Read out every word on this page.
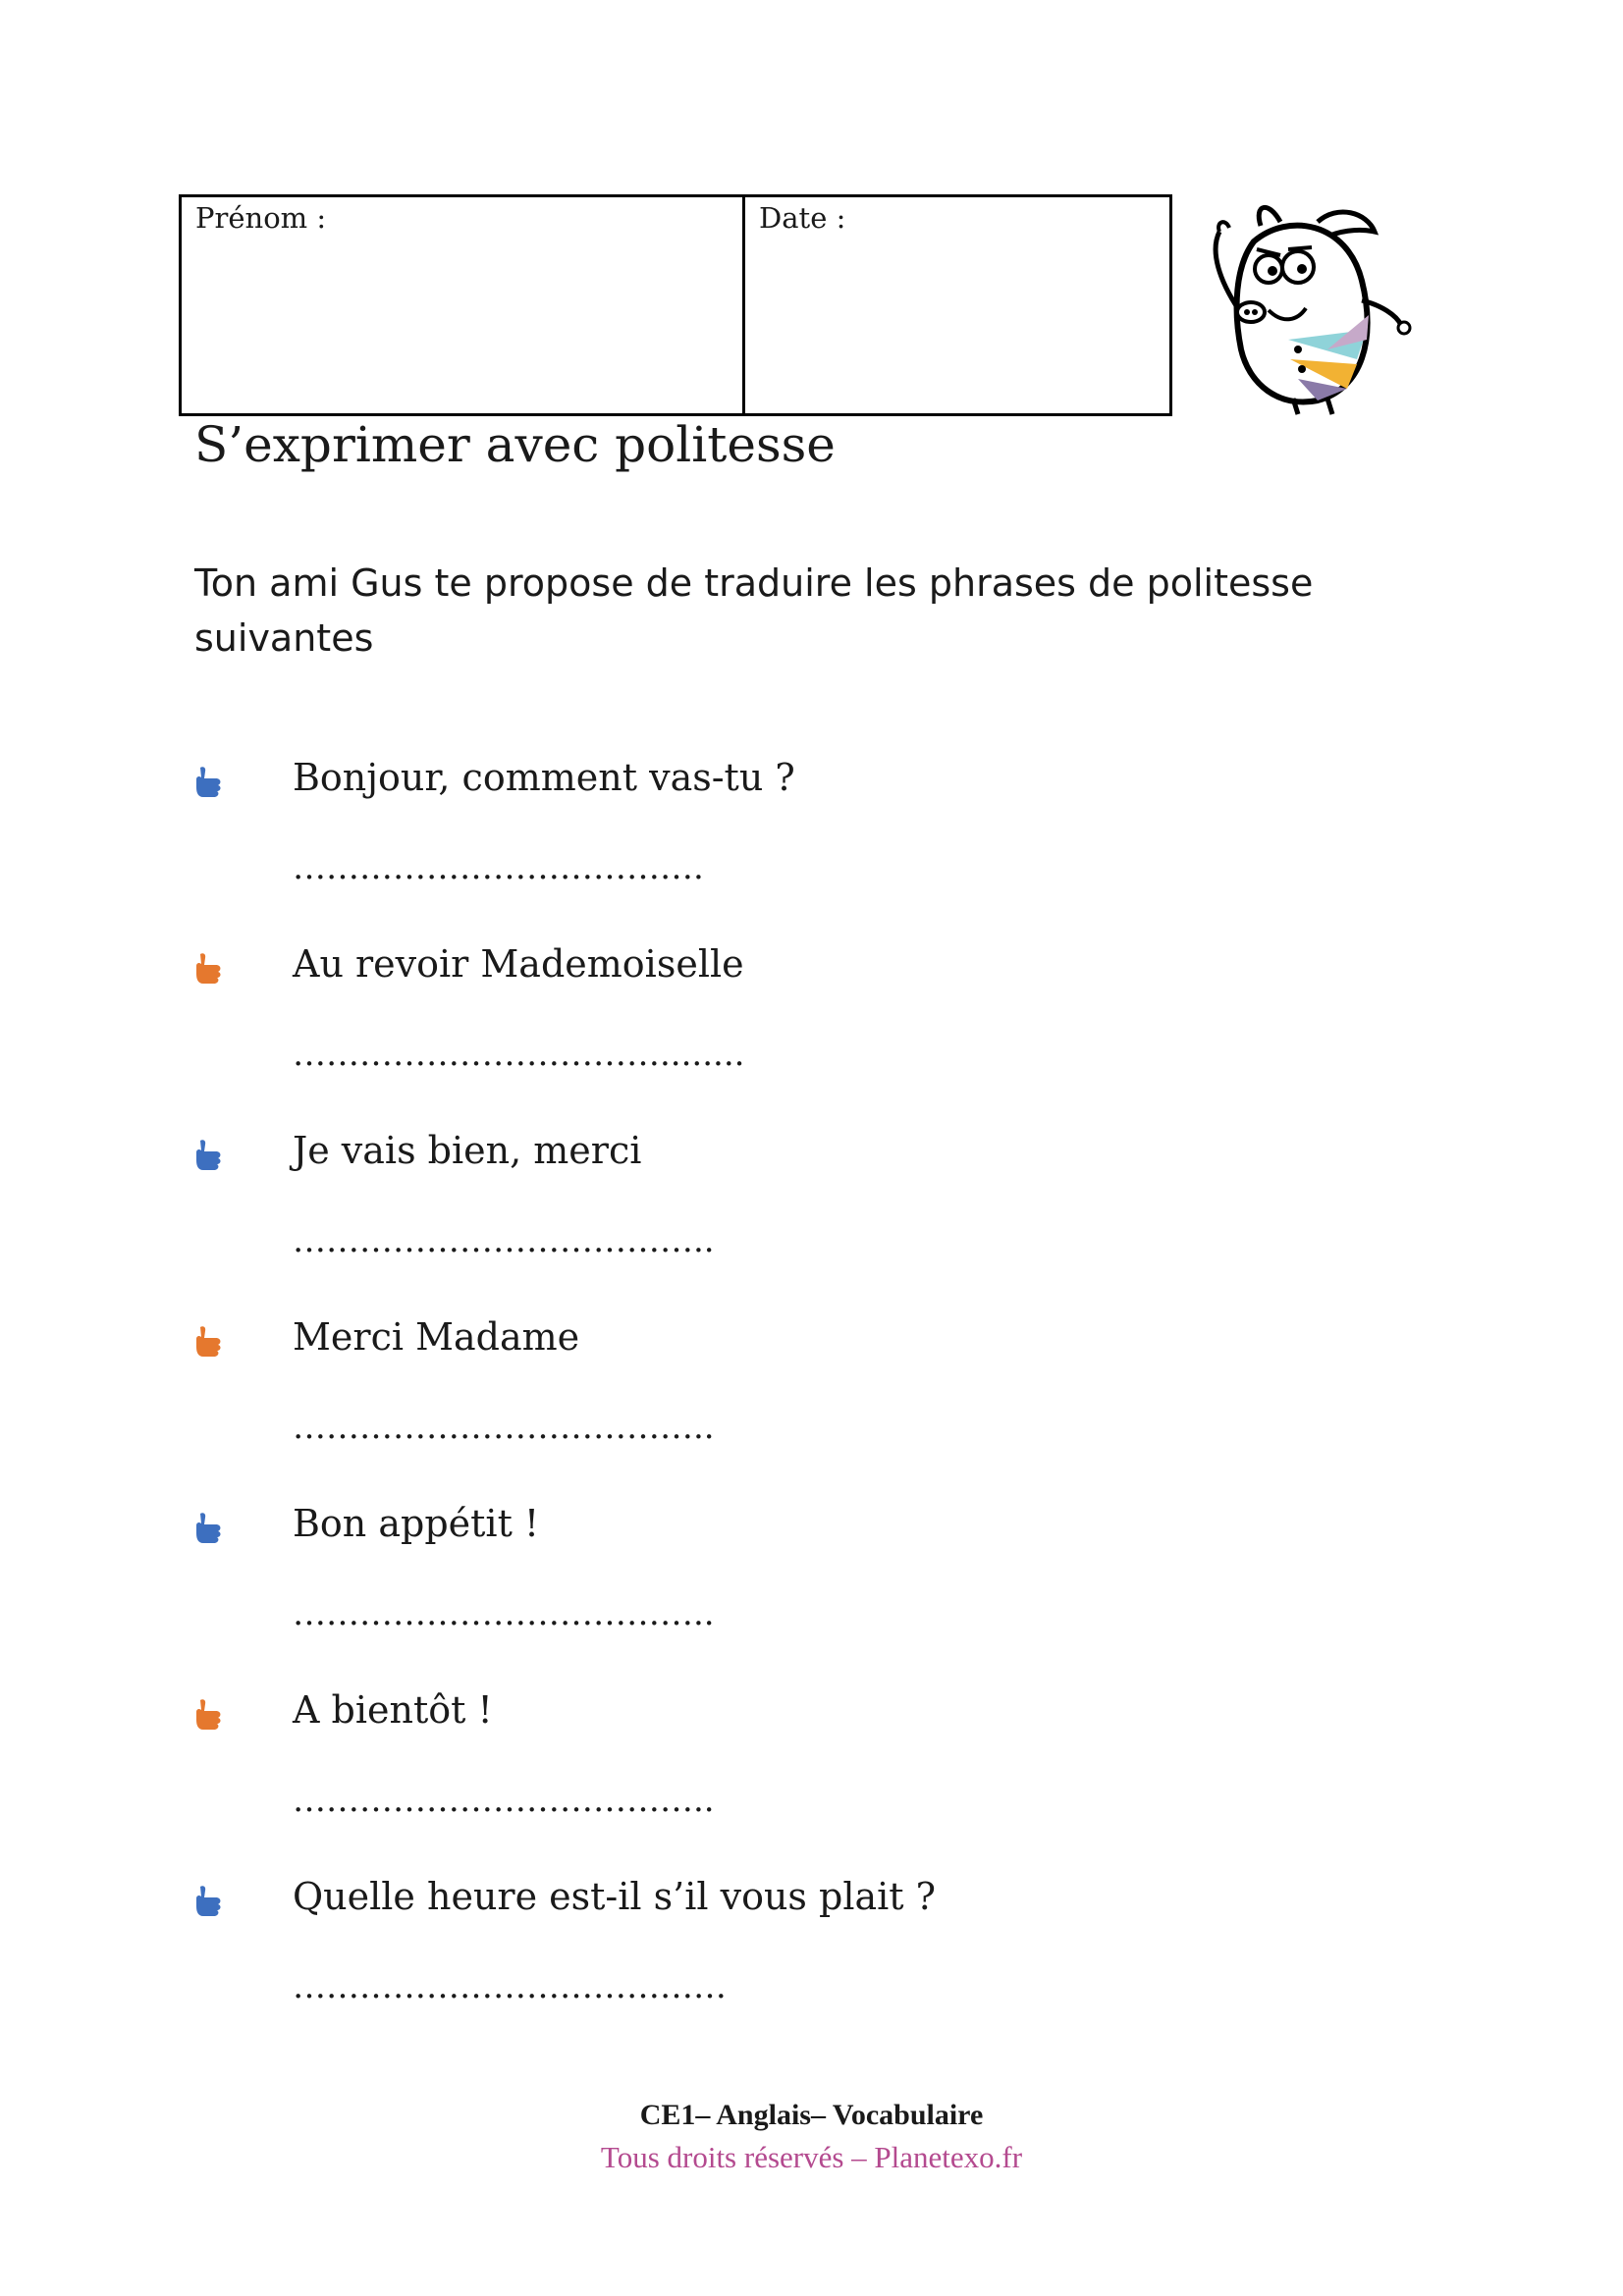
Prénom :	Date :
S’exprimer avec politesse

Ton ami Gus te propose de traduire les phrases de politesse suivantes

Bonjour, comment vas-tu ?
……………………………….
Au revoir Mademoiselle
……………………………........
Je vais bien, merci
………………………………..
Merci Madame
………………………………..
Bon appétit !
………………………………..
A bientôt !
………………………………..
Quelle heure est-il s’il vous plait ?
…………………………………
CE1– Anglais– Vocabulaire
Tous droits réservés – Planetexo.fr
